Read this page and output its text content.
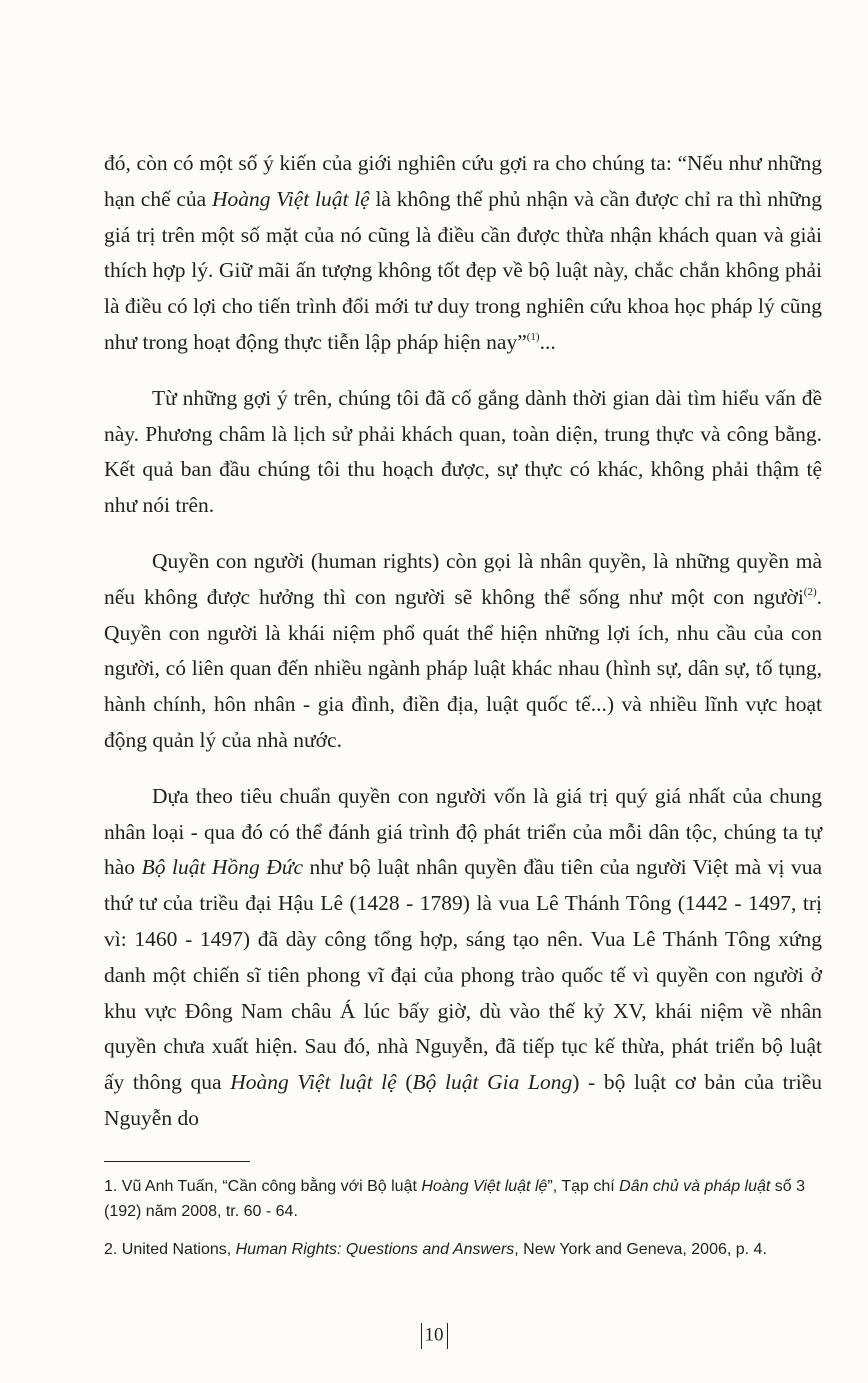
đó, còn có một số ý kiến của giới nghiên cứu gợi ra cho chúng ta: “Nếu như những hạn chế của Hoàng Việt luật lệ là không thể phủ nhận và cần được chỉ ra thì những giá trị trên một số mặt của nó cũng là điều cần được thừa nhận khách quan và giải thích hợp lý. Giữ mãi ấn tượng không tốt đẹp về bộ luật này, chắc chắn không phải là điều có lợi cho tiến trình đổi mới tư duy trong nghiên cứu khoa học pháp lý cũng như trong hoạt động thực tiễn lập pháp hiện nay”$^{(1)}$...

Từ những gợi ý trên, chúng tôi đã cố gắng dành thời gian dài tìm hiểu vấn đề này. Phương châm là lịch sử phải khách quan, toàn diện, trung thực và công bằng. Kết quả ban đầu chúng tôi thu hoạch được, sự thực có khác, không phải thậm tệ như nói trên.

Quyền con người (human rights) còn gọi là nhân quyền, là những quyền mà nếu không được hưởng thì con người sẽ không thể sống như một con người$^{(2)}$. Quyền con người là khái niệm phổ quát thể hiện những lợi ích, nhu cầu của con người, có liên quan đến nhiều ngành pháp luật khác nhau (hình sự, dân sự, tố tụng, hành chính, hôn nhân - gia đình, điền địa, luật quốc tế...) và nhiều lĩnh vực hoạt động quản lý của nhà nước.

Dựa theo tiêu chuẩn quyền con người vốn là giá trị quý giá nhất của chung nhân loại - qua đó có thể đánh giá trình độ phát triển của mỗi dân tộc, chúng ta tự hào Bộ luật Hồng Đức như bộ luật nhân quyền đầu tiên của người Việt mà vị vua thứ tư của triều đại Hậu Lê (1428 - 1789) là vua Lê Thánh Tông (1442 - 1497, trị vì: 1460 - 1497) đã dày công tổng hợp, sáng tạo nên. Vua Lê Thánh Tông xứng danh một chiến sĩ tiên phong vĩ đại của phong trào quốc tế vì quyền con người ở khu vực Đông Nam châu Á lúc bấy giờ, dù vào thế kỷ XV, khái niệm về nhân quyền chưa xuất hiện. Sau đó, nhà Nguyễn, đã tiếp tục kế thừa, phát triển bộ luật ấy thông qua Hoàng Việt luật lệ (Bộ luật Gia Long) - bộ luật cơ bản của triều Nguyễn do

1. Vũ Anh Tuấn, “Cần công bằng với Bộ luật Hoàng Việt luật lệ”, Tạp chí Dân chủ và pháp luật số 3 (192) năm 2008, tr. 60 - 64.

2. United Nations, Human Rights: Questions and Answers, New York and Geneva, 2006, p. 4.

10
